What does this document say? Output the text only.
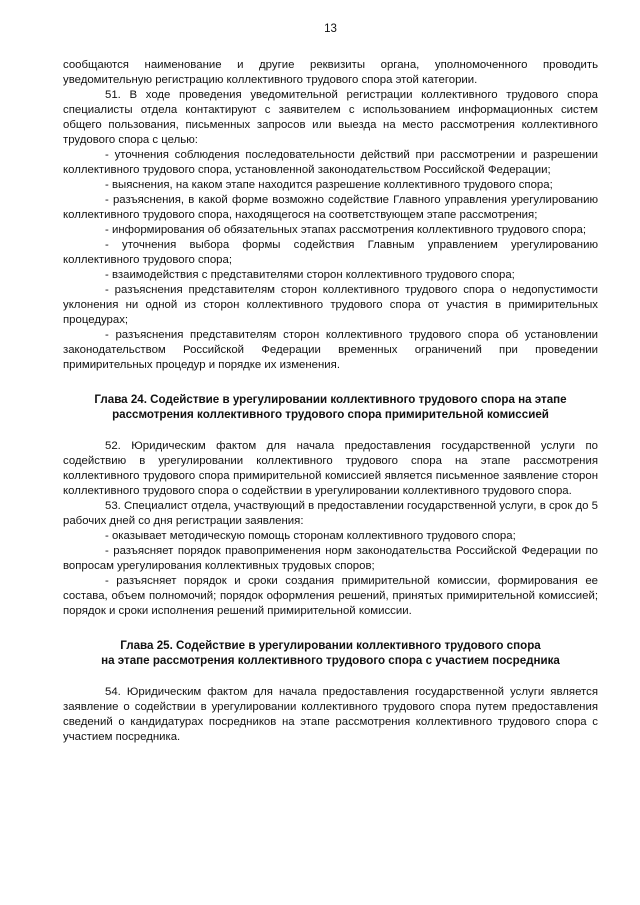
13

сообщаются наименование и другие реквизиты органа, уполномоченного проводить уведомительную регистрацию коллективного трудового спора этой категории.

51. В ходе проведения уведомительной регистрации коллективного трудового спора специалисты отдела контактируют с заявителем с использованием информационных систем общего пользования, письменных запросов или выезда на место рассмотрения коллективного трудового спора с целью:

- уточнения соблюдения последовательности действий при рассмотрении и разрешении коллективного трудового спора, установленной законодательством Российской Федерации;

- выяснения, на каком этапе находится разрешение коллективного трудового спора;

- разъяснения, в какой форме возможно содействие Главного управления урегулированию коллективного трудового спора, находящегося на соответствующем этапе рассмотрения;

- информирования об обязательных этапах рассмотрения коллективного трудового спора;

- уточнения выбора формы содействия Главным управлением урегулированию коллективного трудового спора;

- взаимодействия с представителями сторон коллективного трудового спора;

- разъяснения представителям сторон коллективного трудового спора о недопустимости уклонения ни одной из сторон коллективного трудового спора от участия в примирительных процедурах;

- разъяснения представителям сторон коллективного трудового спора об установлении законодательством Российской Федерации временных ограничений при проведении примирительных процедур и порядке их изменения.

Глава 24. Содействие в урегулировании коллективного трудового спора на этапе
рассмотрения коллективного трудового спора примирительной комиссией

52. Юридическим фактом для начала предоставления государственной услуги по содействию в урегулировании коллективного трудового спора на этапе рассмотрения коллективного трудового спора примирительной комиссией является письменное заявление сторон коллективного трудового спора о содействии в урегулировании коллективного трудового спора.

53. Специалист отдела, участвующий в предоставлении государственной услуги, в срок до 5 рабочих дней со дня регистрации заявления:

- оказывает методическую помощь сторонам коллективного трудового спора;

- разъясняет порядок правоприменения норм законодательства Российской Федерации по вопросам урегулирования коллективных трудовых споров;

- разъясняет порядок и сроки создания примирительной комиссии, формирования ее состава, объем полномочий; порядок оформления решений, принятых примирительной комиссией; порядок и сроки исполнения решений примирительной комиссии.

Глава 25. Содействие в урегулировании коллективного трудового спора
на этапе рассмотрения коллективного трудового спора с участием посредника

54. Юридическим фактом для начала предоставления государственной услуги является заявление о содействии в урегулировании коллективного трудового спора путем предоставления сведений о кандидатурах посредников на этапе рассмотрения коллективного трудового спора с участием посредника.
